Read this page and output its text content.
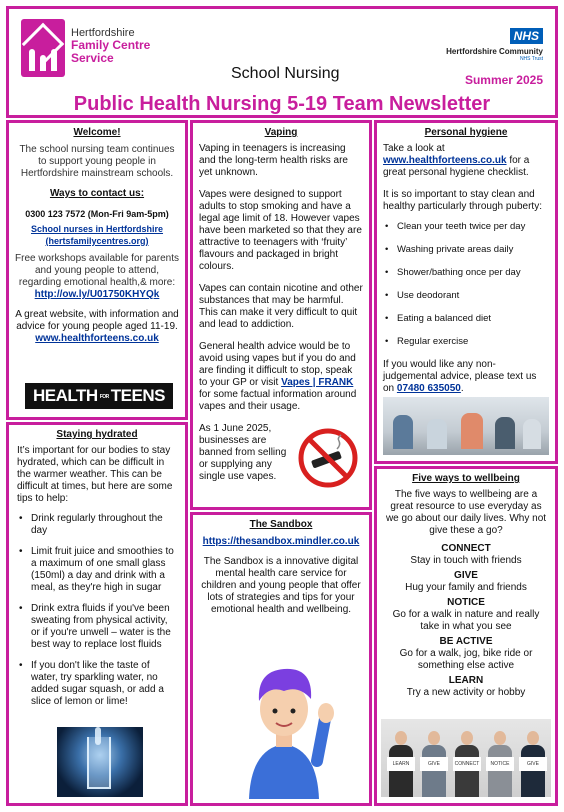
Hertfordshire
Family Centre
Service
NHS
Hertfordshire Community
NHS Trust
School Nursing	Summer 2025
Public Health Nursing 5-19 Team Newsletter
Welcome!

The school nursing team continues to support young people in Hertfordshire mainstream schools.

Ways to contact us:

0300 123 7572 (Mon-Fri 9am-5pm)

School nurses in Hertfordshire
(hertsfamilycentres.org)

Free workshops available for parents and young people to attend, regarding emotional health,& more:

http://ow.ly/U01750KHYQk

A great website, with information and advice for young people aged 11-19.

www.healthforteens.co.uk
HEALTH FOR TEENS
Staying hydrated

It’s important for our bodies to stay hydrated, which can be difficult in the warmer weather. This can be difficult at times, but here are some tips to help:

• Drink regularly throughout the day
• Limit fruit juice and smoothies to a maximum of one small glass (150ml) a day and drink with a meal, as they're high in sugar
• Drink extra fluids if you've been sweating from physical activity, or if you're unwell – water is the best way to replace lost fluids
• If you don't like the taste of water, try sparkling water, no added sugar squash, or add a slice of lemon or lime!
Vaping

Vaping in teenagers is increasing and the long-term health risks are yet unknown.

Vapes were designed to support adults to stop smoking and have a legal age limit of 18. However vapes have been marketed so that they are attractive to teenagers with ‘fruity’ flavours and packaged in bright colours.

Vapes can contain nicotine and other substances that may be harmful. This can make it very difficult to quit and lead to addiction.

General health advice would be to avoid using vapes but if you do and are finding it difficult to stop, speak to your GP or visit Vapes | FRANK for some factual information around vapes and their usage.

As 1 June 2025, businesses are banned from selling or supplying any single use vapes.

The Sandbox
https://thesandbox.mindler.co.uk

The Sandbox is a innovative digital mental health care service for children and young people that offer lots of strategies and tips for your emotional health and wellbeing.

Personal hygiene

Take a look at www.healthforteens.co.uk for a great personal hygiene checklist.

It is so important to stay clean and healthy particularly through puberty:

• Clean your teeth twice per day
• Washing private areas daily
• Shower/bathing once per day
• Use deodorant
• Eating a balanced diet
• Regular exercise

If you would like any non-judgemental advice, please text us on 07480 635050.

Five ways to wellbeing

The five ways to wellbeing are a great resource to use everyday as we go about our daily lives. Why not give these a go?

CONNECT
Stay in touch with friends
GIVE
Hug your family and friends
NOTICE
Go for a walk in nature and really take in what you see
BE ACTIVE
Go for a walk, jog, bike ride or something else active
LEARN
Try a new activity or hobby
LEARN	GIVE	CONNECT	NOTICE	GIVE
